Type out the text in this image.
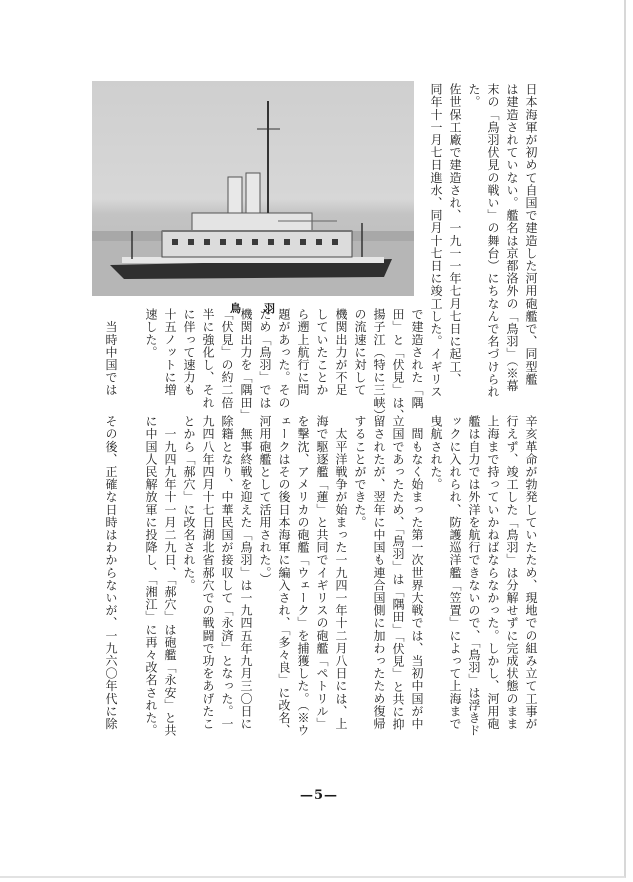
日本海軍が初めて自国で建造した河用砲艦で、同型艦
は建造されていない。艦名は京都洛外の「鳥羽」（※幕
末の「鳥羽伏見の戦い」の舞台）にちなんで名づけられ
た。
佐世保工廠で建造され、一九一一年七月七日に起工、
同年十一月七日進水、同月十七日に竣工した。イギリス
鳥　羽	で建造された「隅
田」と「伏見」は、
揚子江（特に三峡）
の流速に対して
機関出力が不足
していたことか
ら遡上航行に問
題があった。その
ため「鳥羽」では
機関出力を「隅田」
「伏見」の約二倍
半に強化し、それ
に伴って速力も
十五ノットに増
速した。
　当時中国では
辛亥革命が勃発していたため、現地での組み立て工事が
行えず、竣工した「鳥羽」は分解せずに完成状態のまま
上海まで持っていかねばならなかった。しかし、河用砲
艦は自力では外洋を航行できないので、「鳥羽」は浮きド
ックに入れられ、防護巡洋艦「笠置」によって上海まで
曳航された。
　間もなく始まった第一次世界大戦では、当初中国が中
立国であったため、「鳥羽」は「隅田」「伏見」と共に抑
留されたが、翌年に中国も連合国側に加わったため復帰
することができた。
　太平洋戦争が始まった一九四一年十二月八日には、上
海で駆逐艦「蓮」と共同でイギリスの砲艦「ペトリル」
を撃沈、アメリカの砲艦「ウェーク」を捕獲した。（※ウ
ェークはその後日本海軍に編入され、「多々良」に改名、
河用砲艦として活用された。）
　無事終戦を迎えた「鳥羽」は一九四五年九月三〇日に
除籍となり、中華民国が接収して「永済」となった。一
九四八年四月十七日湖北省郝穴での戦闘で功をあげたこ
とから「郝穴」に改名された。
　一九四九年十一月二九日、「郝穴」は砲艦「永安」と共
に中国人民解放軍に投降し、「湘江」に再々改名された。
その後、正確な日時はわからないが、一九六〇年代に除
—5—
